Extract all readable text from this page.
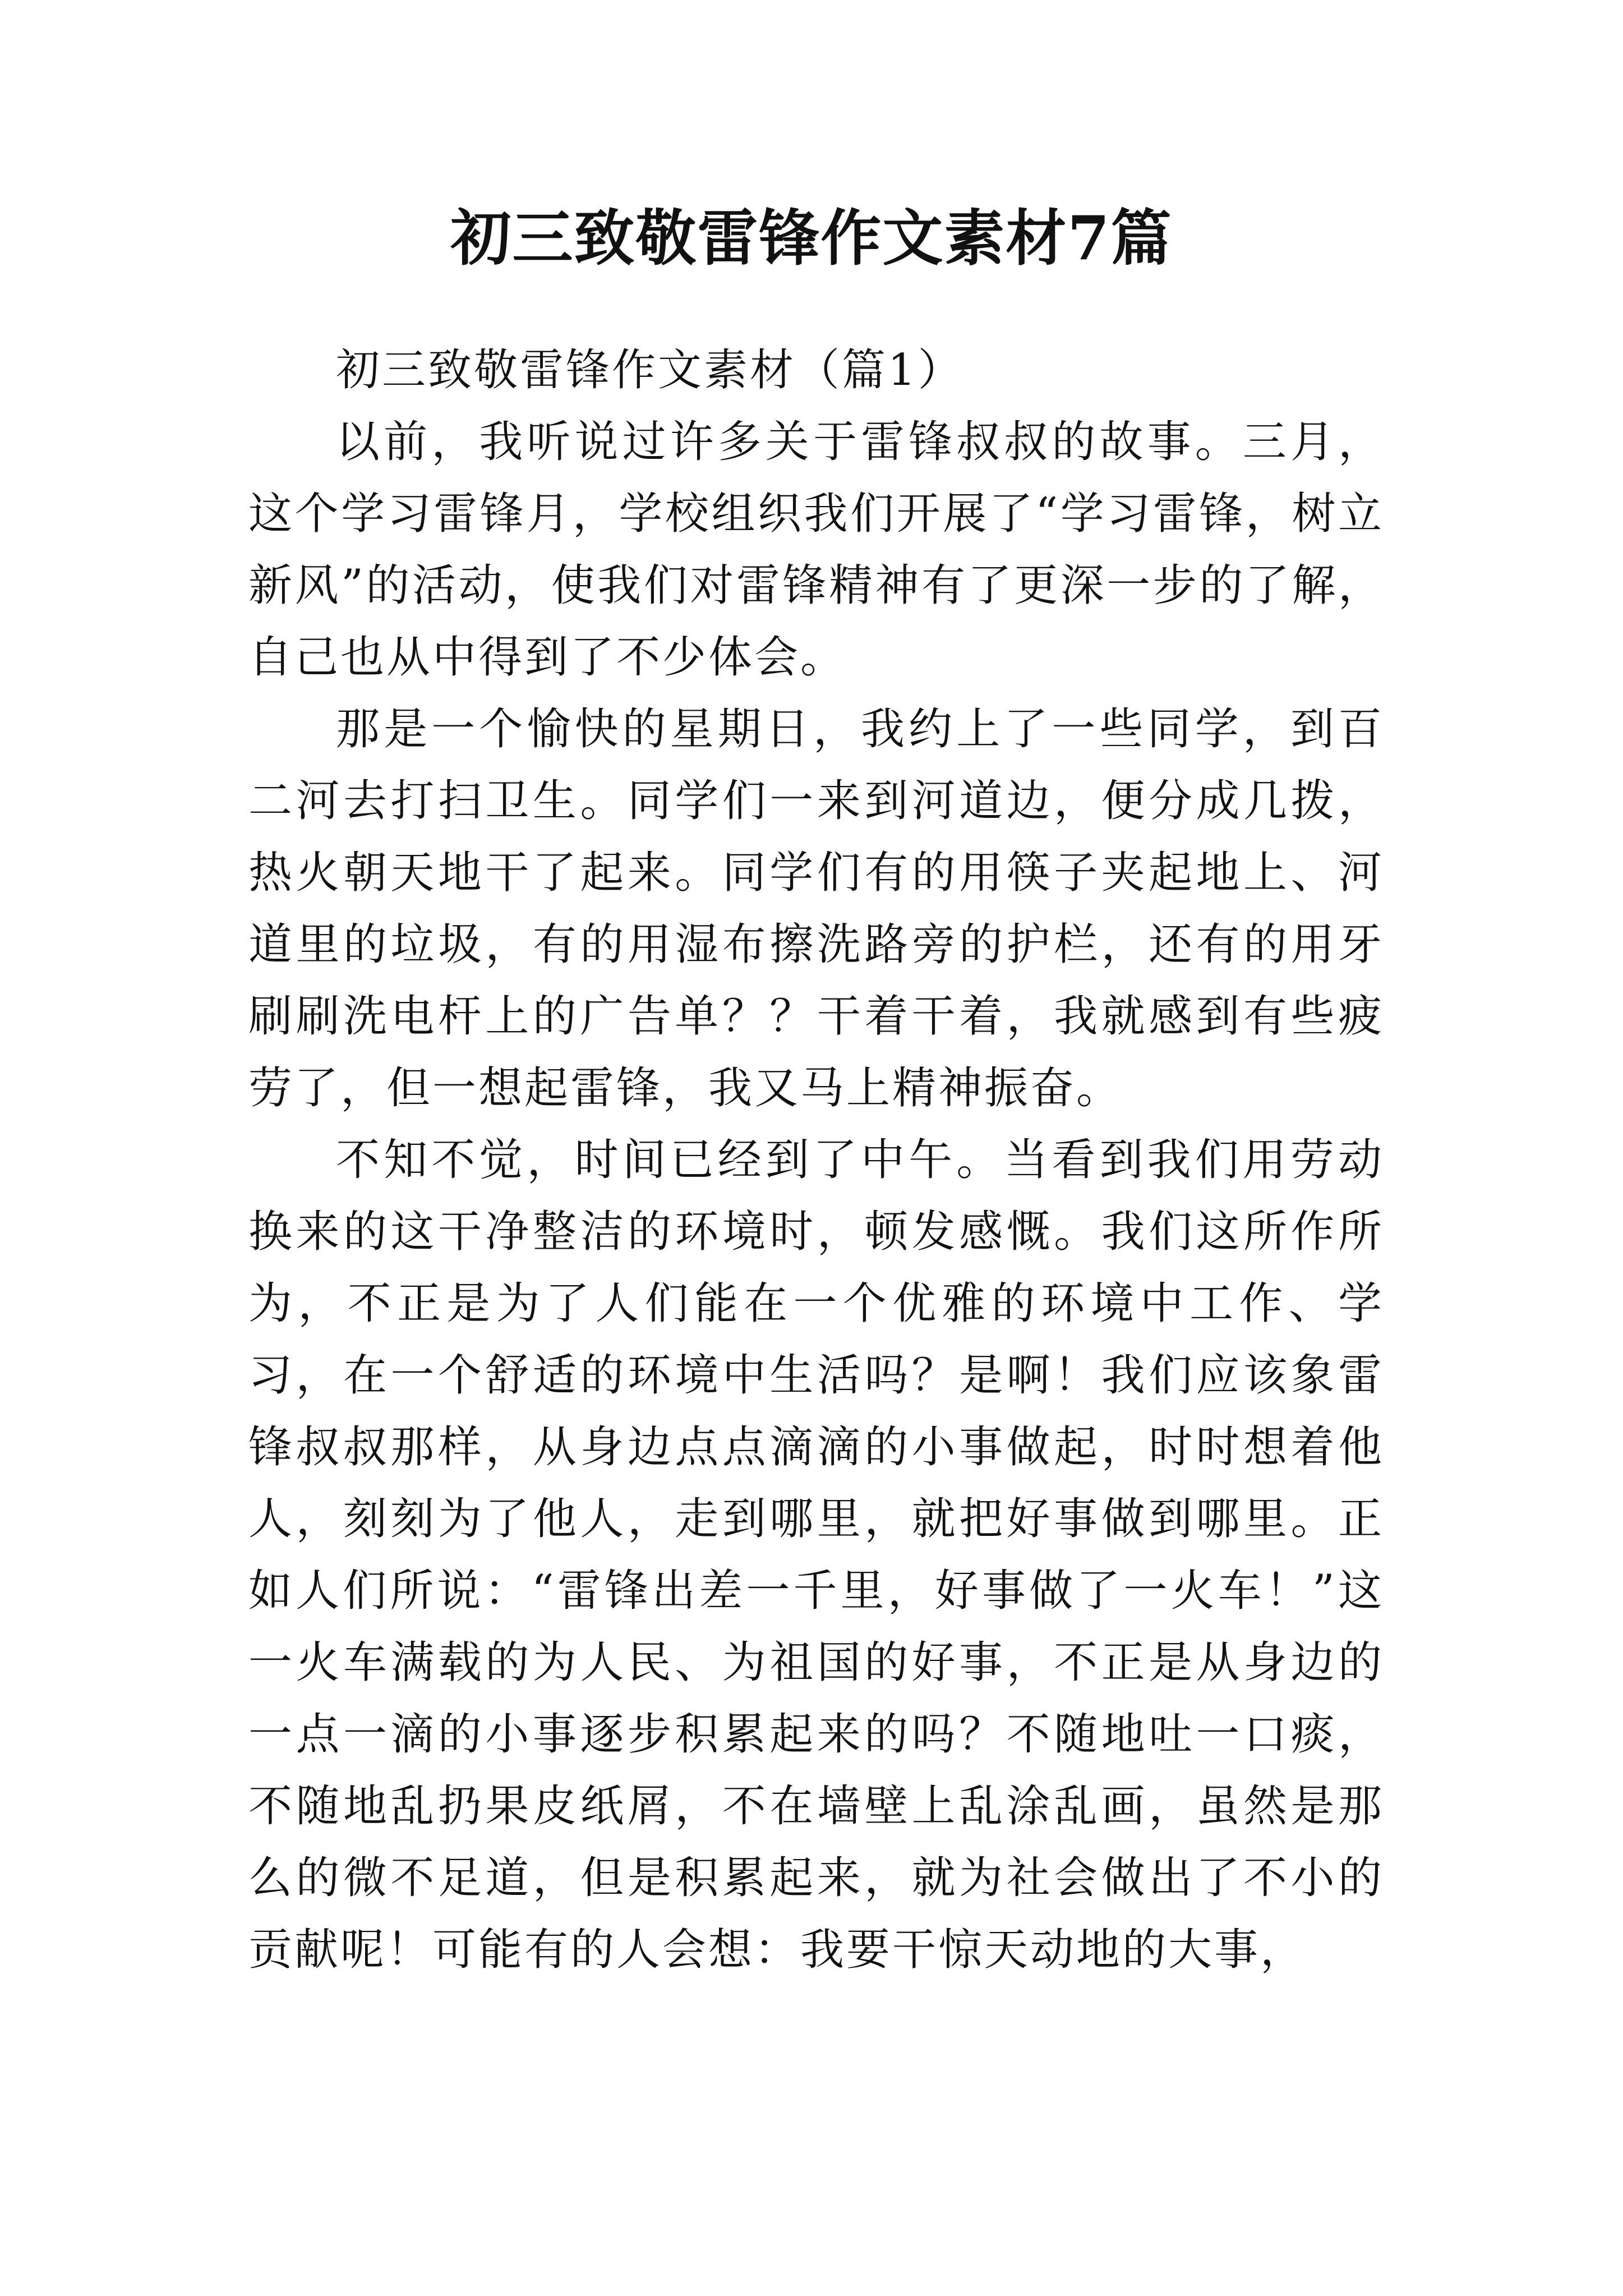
初三致敬雷锋作文素材7篇

初三致敬雷锋作文素材（篇1）

以前，我听说过许多关于雷锋叔叔的故事。三月，这个学习雷锋月，学校组织我们开展了“学习雷锋，树立新风”的活动，使我们对雷锋精神有了更深一步的了解，自己也从中得到了不少体会。

那是一个愉快的星期日，我约上了一些同学，到百二河去打扫卫生。同学们一来到河道边，便分成几拨，热火朝天地干了起来。同学们有的用筷子夹起地上、河道里的垃圾，有的用湿布擦洗路旁的护栏，还有的用牙刷刷洗电杆上的广告单？？干着干着，我就感到有些疲劳了，但一想起雷锋，我又马上精神振奋。

不知不觉，时间已经到了中午。当看到我们用劳动换来的这干净整洁的环境时，顿发感慨。我们这所作所为，不正是为了人们能在一个优雅的环境中工作、学习，在一个舒适的环境中生活吗？是啊！我们应该象雷锋叔叔那样，从身边点点滴滴的小事做起，时时想着他人，刻刻为了他人，走到哪里，就把好事做到哪里。正如人们所说：“雷锋出差一千里，好事做了一火车！”这一火车满载的为人民、为祖国的好事，不正是从身边的一点一滴的小事逐步积累起来的吗？不随地吐一口痰，不随地乱扔果皮纸屑，不在墙壁上乱涂乱画，虽然是那么的微不足道，但是积累起来，就为社会做出了不小的贡献呢！可能有的人会想：我要干惊天动地的大事，
